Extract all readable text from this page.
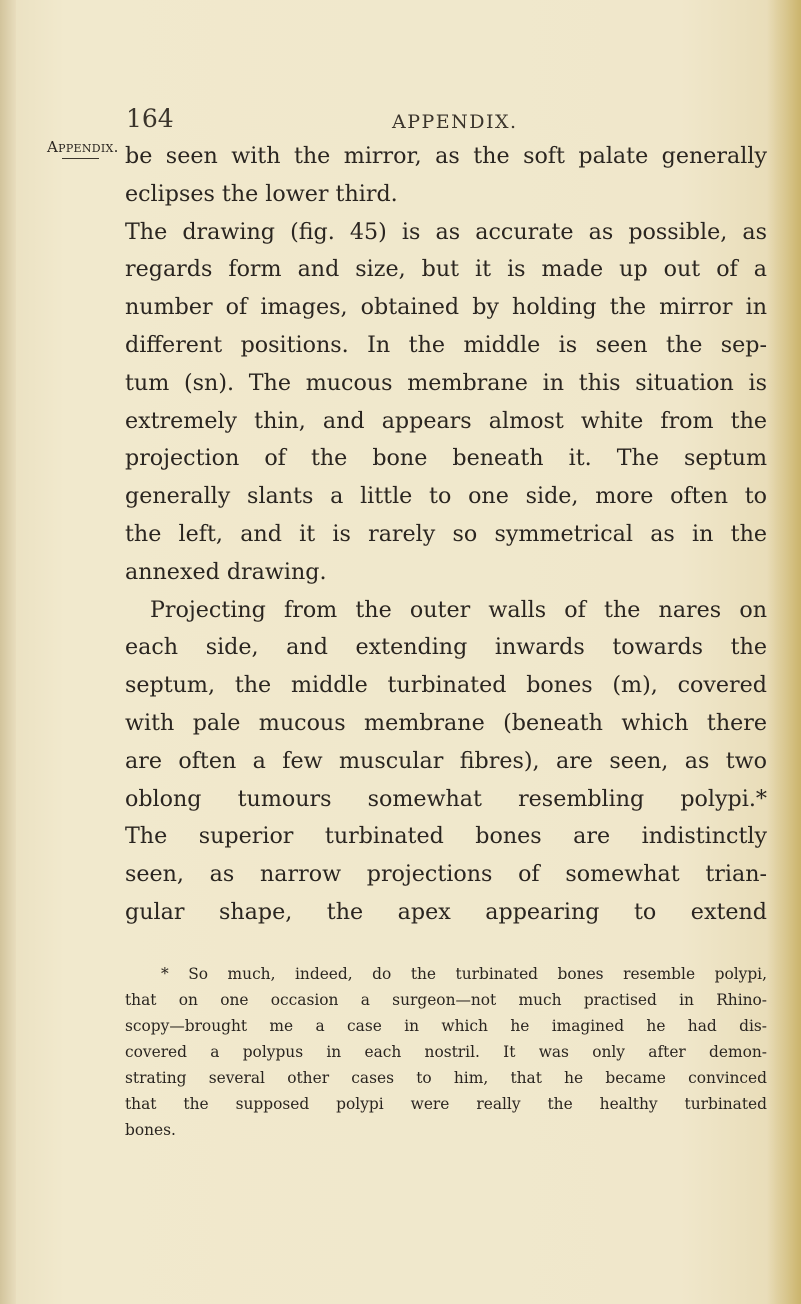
164	APPENDIX.
Appendix. be seen with the mirror, as the soft palate generally
eclipses the lower third.
The drawing (fig. 45) is as accurate as possible, as
regards form and size, but it is made up out of a
number of images, obtained by holding the mirror in
different positions. In the middle is seen the sep-
tum (sn). The mucous membrane in this situation is
extremely thin, and appears almost white from the
projection of the bone beneath it. The septum
generally slants a little to one side, more often to
the left, and it is rarely so symmetrical as in the
annexed drawing.
Projecting from the outer walls of the nares on
each side, and extending inwards towards the
septum, the middle turbinated bones (m), covered
with pale mucous membrane (beneath which there
are often a few muscular fibres), are seen, as two
oblong tumours somewhat resembling polypi.*
The superior turbinated bones are indistinctly
seen, as narrow projections of somewhat trian-
gular shape, the apex appearing to extend
* So much, indeed, do the turbinated bones resemble polypi,
that on one occasion a surgeon—not much practised in Rhino-
scopy—brought me a case in which he imagined he had dis-
covered a polypus in each nostril. It was only after demon-
strating several other cases to him, that he became convinced
that the supposed polypi were really the healthy turbinated
bones.
